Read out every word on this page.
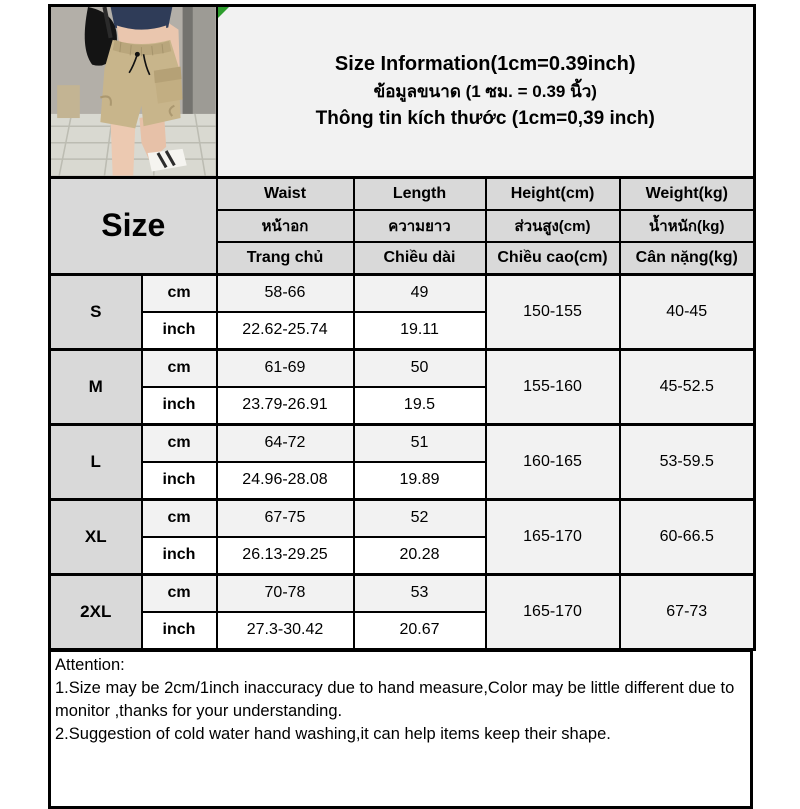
Size Information(1cm=0.39inch)
ข้อมูลขนาด (1 ซม. = 0.39 นิ้ว)
Thông tin kích thước (1cm=0,39 inch)			

Size		Waist	Length	Height(cm)	Weight(kg)
		หน้าอก	ความยาว	ส่วนสูง(cm)	น้ำหนัก(kg)
		Trang chủ	Chiều dài	Chiều cao(cm)	Cân nặng(kg)
S	cm	58-66	49	150-155	40-45
	inch	22.62-25.74	19.11		
M	cm	61-69	50	155-160	45-52.5
	inch	23.79-26.91	19.5		
L	cm	64-72	51	160-165	53-59.5
	inch	24.96-28.08	19.89		
XL	cm	67-75	52	165-170	60-66.5
	inch	26.13-29.25	20.28		
2XL	cm	70-78	53	165-170	67-73
	inch	27.3-30.42	20.67		

Attention:

1.Size may be 2cm/1inch inaccuracy due to hand measure,Color may be little different due to monitor ,thanks for your understanding.

2.Suggestion of cold water hand washing,it can help items keep their shape.
